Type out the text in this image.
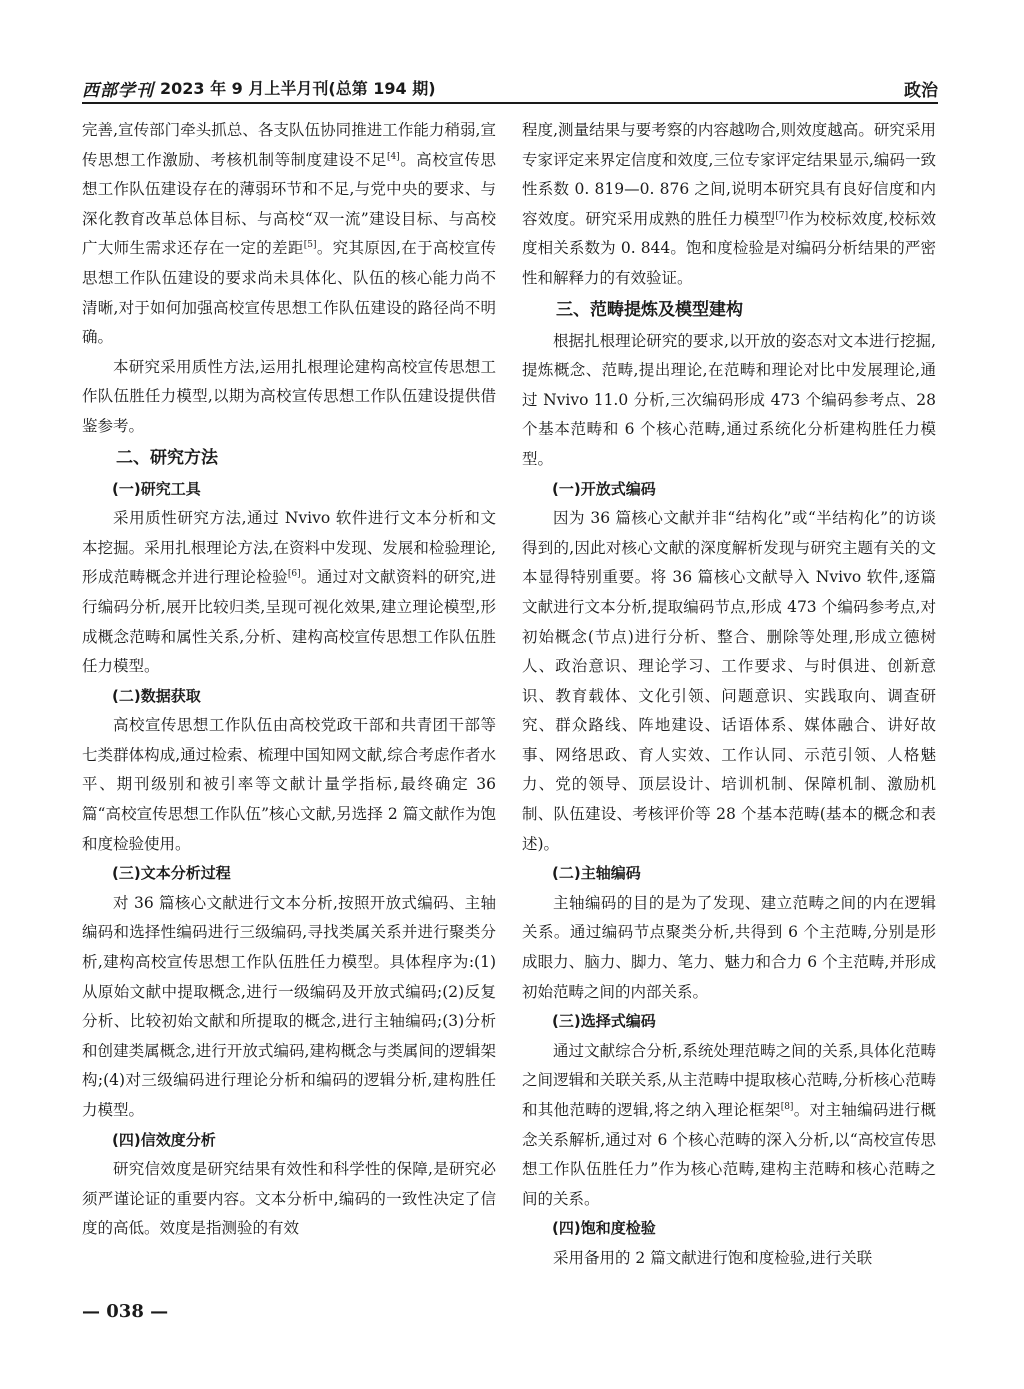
西部学刊 2023 年 9 月上半月刊(总第 194 期)	政治

完善,宣传部门牵头抓总、各支队伍协同推进工作能力稍弱,宣传思想工作激励、考核机制等制度建设不足[4]。高校宣传思想工作队伍建设存在的薄弱环节和不足,与党中央的要求、与深化教育改革总体目标、与高校“双一流”建设目标、与高校广大师生需求还存在一定的差距[5]。究其原因,在于高校宣传思想工作队伍建设的要求尚未具体化、队伍的核心能力尚不清晰,对于如何加强高校宣传思想工作队伍建设的路径尚不明确。

本研究采用质性方法,运用扎根理论建构高校宣传思想工作队伍胜任力模型,以期为高校宣传思想工作队伍建设提供借鉴参考。

二、研究方法
(一)研究工具

采用质性研究方法,通过 Nvivo 软件进行文本分析和文本挖掘。采用扎根理论方法,在资料中发现、发展和检验理论,形成范畴概念并进行理论检验[6]。通过对文献资料的研究,进行编码分析,展开比较归类,呈现可视化效果,建立理论模型,形成概念范畴和属性关系,分析、建构高校宣传思想工作队伍胜任力模型。

(二)数据获取

高校宣传思想工作队伍由高校党政干部和共青团干部等七类群体构成,通过检索、梳理中国知网文献,综合考虑作者水平、期刊级别和被引率等文献计量学指标,最终确定 36 篇“高校宣传思想工作队伍”核心文献,另选择 2 篇文献作为饱和度检验使用。

(三)文本分析过程

对 36 篇核心文献进行文本分析,按照开放式编码、主轴编码和选择性编码进行三级编码,寻找类属关系并进行聚类分析,建构高校宣传思想工作队伍胜任力模型。具体程序为:(1)从原始文献中提取概念,进行一级编码及开放式编码;(2)反复分析、比较初始文献和所提取的概念,进行主轴编码;(3)分析和创建类属概念,进行开放式编码,建构概念与类属间的逻辑架构;(4)对三级编码进行理论分析和编码的逻辑分析,建构胜任力模型。

(四)信效度分析

研究信效度是研究结果有效性和科学性的保障,是研究必须严谨论证的重要内容。文本分析中,编码的一致性决定了信度的高低。效度是指测验的有效

程度,测量结果与要考察的内容越吻合,则效度越高。研究采用专家评定来界定信度和效度,三位专家评定结果显示,编码一致性系数 0. 819—0. 876 之间,说明本研究具有良好信度和内容效度。研究采用成熟的胜任力模型[7]作为校标效度,校标效度相关系数为 0. 844。饱和度检验是对编码分析结果的严密性和解释力的有效验证。

三、范畴提炼及模型建构

根据扎根理论研究的要求,以开放的姿态对文本进行挖掘,提炼概念、范畴,提出理论,在范畴和理论对比中发展理论,通过 Nvivo 11.0 分析,三次编码形成 473 个编码参考点、28 个基本范畴和 6 个核心范畴,通过系统化分析建构胜任力模型。

(一)开放式编码

因为 36 篇核心文献并非“结构化”或“半结构化”的访谈得到的,因此对核心文献的深度解析发现与研究主题有关的文本显得特别重要。将 36 篇核心文献导入 Nvivo 软件,逐篇文献进行文本分析,提取编码节点,形成 473 个编码参考点,对初始概念(节点)进行分析、整合、删除等处理,形成立德树人、政治意识、理论学习、工作要求、与时俱进、创新意识、教育载体、文化引领、问题意识、实践取向、调查研究、群众路线、阵地建设、话语体系、媒体融合、讲好故事、网络思政、育人实效、工作认同、示范引领、人格魅力、党的领导、顶层设计、培训机制、保障机制、激励机制、队伍建设、考核评价等 28 个基本范畴(基本的概念和表述)。

(二)主轴编码

主轴编码的目的是为了发现、建立范畴之间的内在逻辑关系。通过编码节点聚类分析,共得到 6 个主范畴,分别是形成眼力、脑力、脚力、笔力、魅力和合力 6 个主范畴,并形成初始范畴之间的内部关系。

(三)选择式编码

通过文献综合分析,系统处理范畴之间的关系,具体化范畴之间逻辑和关联关系,从主范畴中提取核心范畴,分析核心范畴和其他范畴的逻辑,将之纳入理论框架[8]。对主轴编码进行概念关系解析,通过对 6 个核心范畴的深入分析,以“高校宣传思想工作队伍胜任力”作为核心范畴,建构主范畴和核心范畴之间的关系。

(四)饱和度检验

采用备用的 2 篇文献进行饱和度检验,进行关联

— 038 —
